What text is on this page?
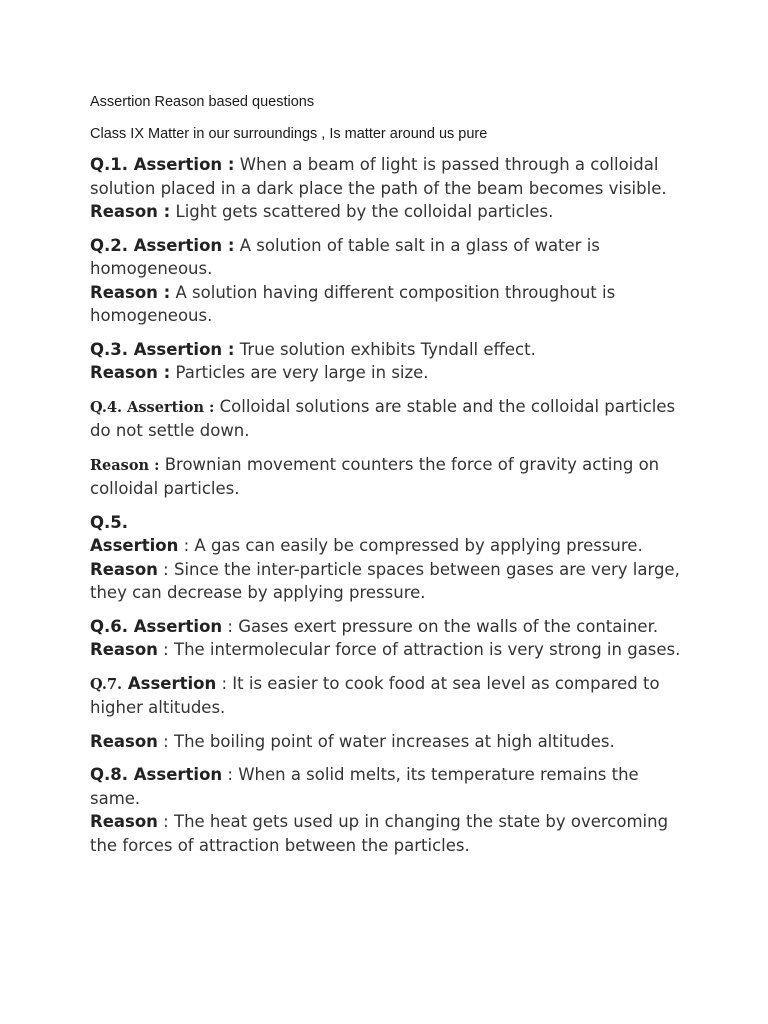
Assertion Reason based questions
Class IX Matter in our surroundings , Is matter around us pure
Q.1. Assertion : When a beam of light is passed through a colloidal solution placed in a dark place the path of the beam becomes visible.
Reason : Light gets scattered by the colloidal particles.
Q.2. Assertion : A solution of table salt in a glass of water is homogeneous.
Reason : A solution having different composition throughout is homogeneous.
Q.3. Assertion : True solution exhibits Tyndall effect.
Reason : Particles are very large in size.
Q.4. Assertion : Colloidal solutions are stable and the colloidal particles do not settle down.
Reason : Brownian movement counters the force of gravity acting on colloidal particles.
Q.5.
Assertion : A gas can easily be compressed by applying pressure.
Reason : Since the inter-particle spaces between gases are very large, they can decrease by applying pressure.
Q.6. Assertion : Gases exert pressure on the walls of the container.
Reason : The intermolecular force of attraction is very strong in gases.
Q.7. Assertion : It is easier to cook food at sea level as compared to higher altitudes.
Reason : The boiling point of water increases at high altitudes.
Q.8. Assertion : When a solid melts, its temperature remains the same.
Reason : The heat gets used up in changing the state by overcoming the forces of attraction between the particles.
